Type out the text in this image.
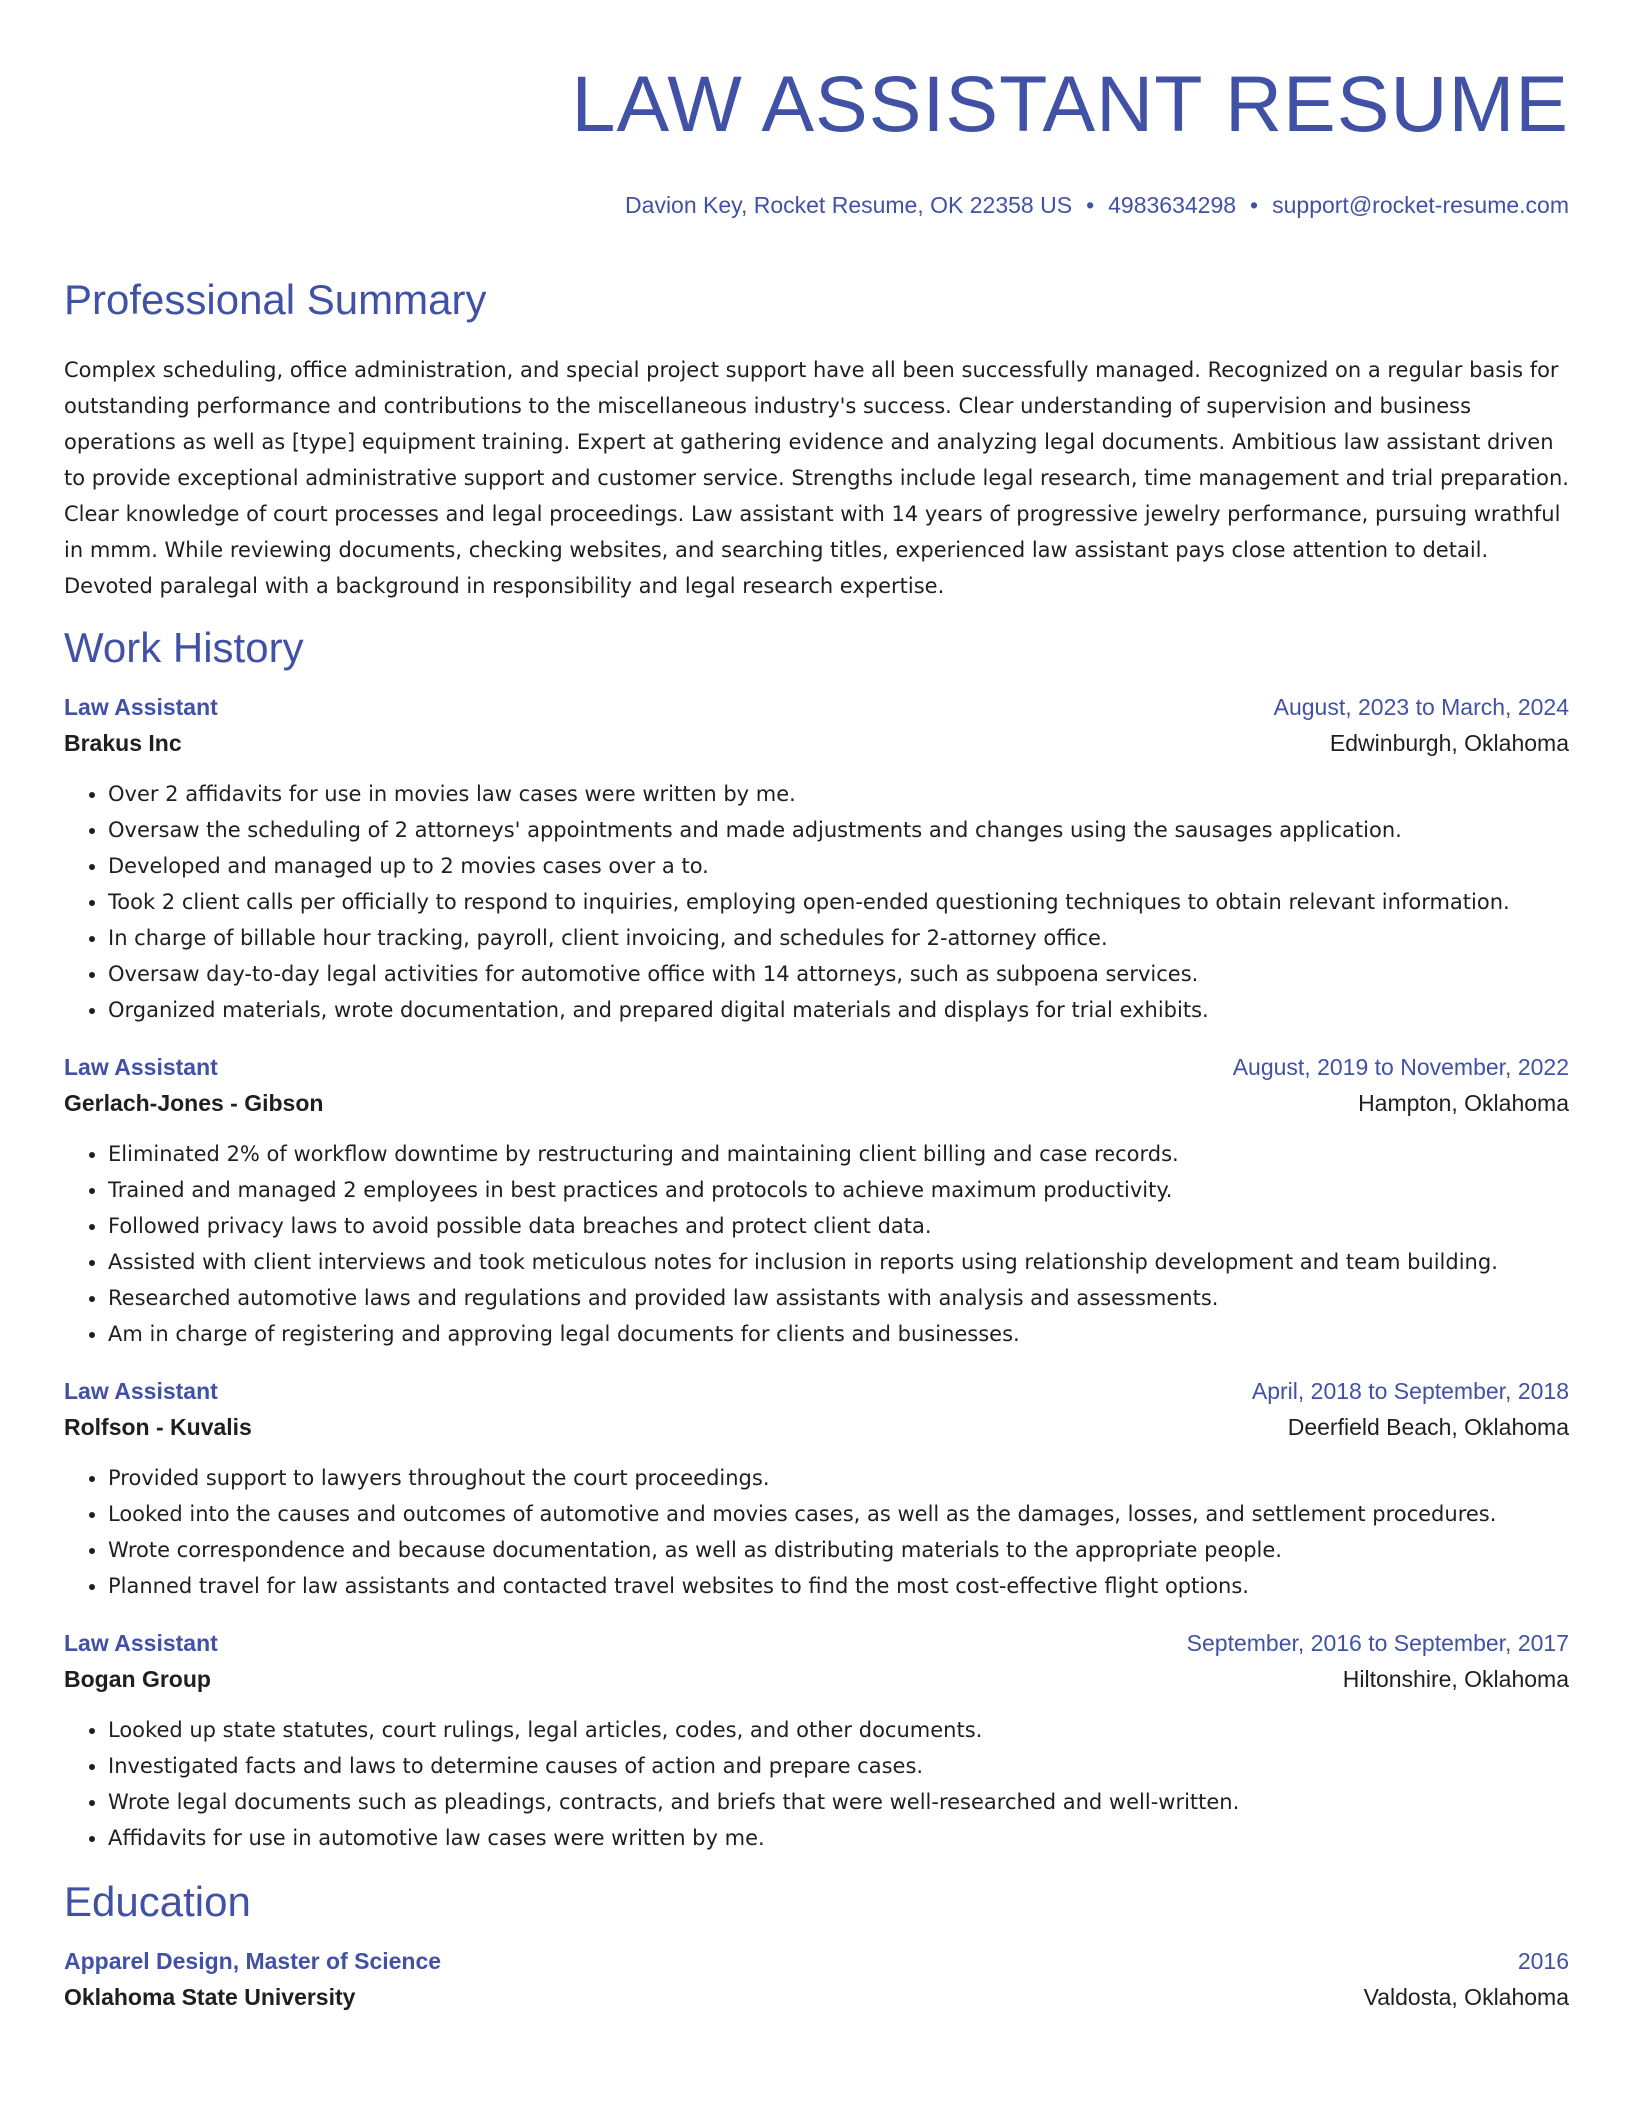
LAW ASSISTANT RESUME
Davion Key, Rocket Resume, OK 22358 US • 4983634298 • support@rocket-resume.com
Professional Summary

Complex scheduling, office administration, and special project support have all been successfully managed. Recognized on a regular basis for outstanding performance and contributions to the miscellaneous industry's success. Clear understanding of supervision and business operations as well as [type] equipment training. Expert at gathering evidence and analyzing legal documents. Ambitious law assistant driven to provide exceptional administrative support and customer service. Strengths include legal research, time management and trial preparation. Clear knowledge of court processes and legal proceedings. Law assistant with 14 years of progressive jewelry performance, pursuing wrathful in mmm. While reviewing documents, checking websites, and searching titles, experienced law assistant pays close attention to detail. Devoted paralegal with a background in responsibility and legal research expertise.

Work History
Law Assistant	August, 2023 to March, 2024
Brakus Inc	Edwinburgh, Oklahoma
• Over 2 affidavits for use in movies law cases were written by me.
• Oversaw the scheduling of 2 attorneys' appointments and made adjustments and changes using the sausages application.
• Developed and managed up to 2 movies cases over a to.
• Took 2 client calls per officially to respond to inquiries, employing open-ended questioning techniques to obtain relevant information.
• In charge of billable hour tracking, payroll, client invoicing, and schedules for 2-attorney office.
• Oversaw day-to-day legal activities for automotive office with 14 attorneys, such as subpoena services.
• Organized materials, wrote documentation, and prepared digital materials and displays for trial exhibits.
Law Assistant	August, 2019 to November, 2022
Gerlach-Jones - Gibson	Hampton, Oklahoma
• Eliminated 2% of workflow downtime by restructuring and maintaining client billing and case records.
• Trained and managed 2 employees in best practices and protocols to achieve maximum productivity.
• Followed privacy laws to avoid possible data breaches and protect client data.
• Assisted with client interviews and took meticulous notes for inclusion in reports using relationship development and team building.
• Researched automotive laws and regulations and provided law assistants with analysis and assessments.
• Am in charge of registering and approving legal documents for clients and businesses.
Law Assistant	April, 2018 to September, 2018
Rolfson - Kuvalis	Deerfield Beach, Oklahoma
• Provided support to lawyers throughout the court proceedings.
• Looked into the causes and outcomes of automotive and movies cases, as well as the damages, losses, and settlement procedures.
• Wrote correspondence and because documentation, as well as distributing materials to the appropriate people.
• Planned travel for law assistants and contacted travel websites to find the most cost-effective flight options.
Law Assistant	September, 2016 to September, 2017
Bogan Group	Hiltonshire, Oklahoma
• Looked up state statutes, court rulings, legal articles, codes, and other documents.
• Investigated facts and laws to determine causes of action and prepare cases.
• Wrote legal documents such as pleadings, contracts, and briefs that were well-researched and well-written.
• Affidavits for use in automotive law cases were written by me.
Education
Apparel Design, Master of Science	2016
Oklahoma State University	Valdosta, Oklahoma
